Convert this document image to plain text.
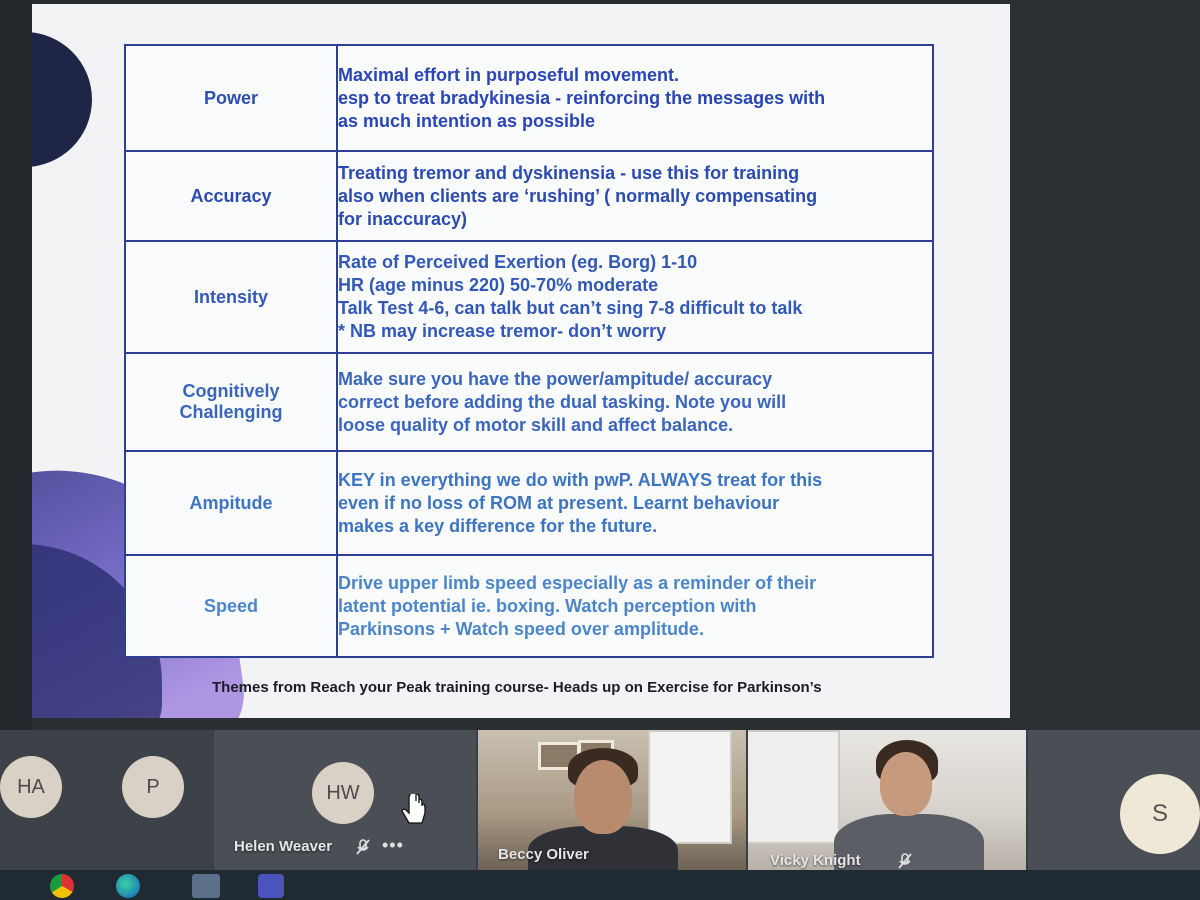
Power	Maximal effort in purposeful movement.
esp to treat bradykinesia - reinforcing the messages with
as much intention as possible

Accuracy	Treating tremor and dyskinensia - use this for training
also when clients are ‘rushing’ ( normally compensating
for inaccuracy)

Intensity	Rate of Perceived Exertion (eg. Borg) 1-10
HR (age minus 220) 50-70% moderate
Talk Test 4-6, can talk but can’t sing 7-8 difficult to talk
* NB may increase tremor- don’t worry

Cognitively
Challenging	Make sure you have the power/ampitude/ accuracy
correct before adding the dual tasking. Note you will
loose quality of motor skill and affect balance.

Ampitude	KEY in everything we do with pwP. ALWAYS treat for this
even if no loss of ROM at present. Learnt behaviour
makes a key difference for the future.

Speed	Drive upper limb speed especially as a reminder of their
latent potential ie. boxing. Watch perception with
Parkinsons + Watch speed over amplitude.
Themes from Reach your Peak training course- Heads up on Exercise for Parkinson’s
HA	P	HW
Helen Weaver	•••	Beccy Oliver	Vicky Knight
S
